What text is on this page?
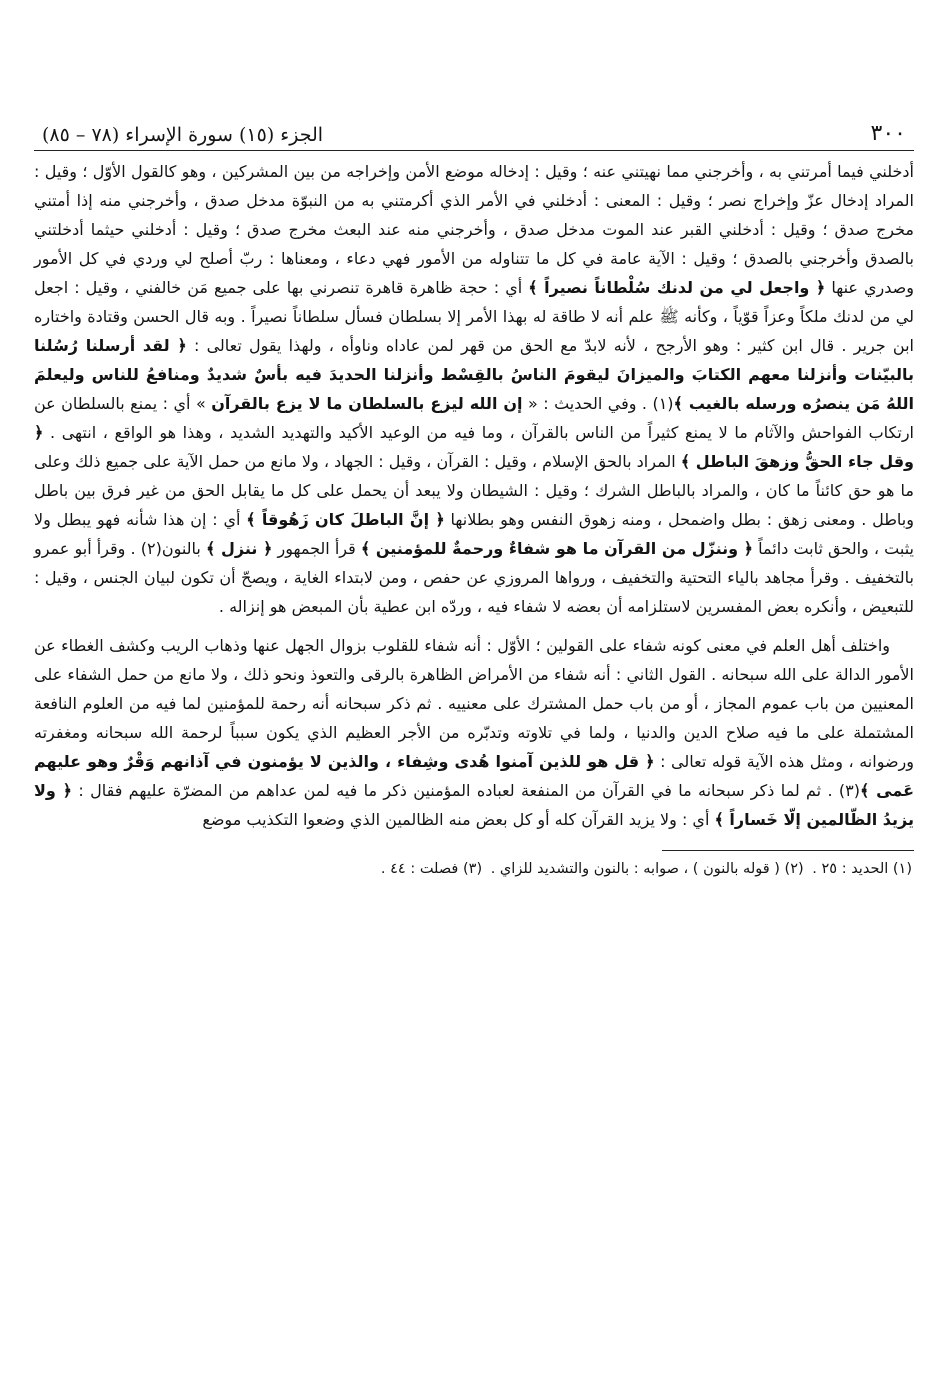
٣٠٠
الجزء (١٥) سورة الإسراء (٧٨ – ٨٥)

أدخلني فيما أمرتني به ، وأخرجني مما نهيتني عنه ؛ وقيل : إدخاله موضع الأمن وإخراجه من بين المشركين ، وهو كالقول الأوّل ؛ وقيل : المراد إدخال عزّ وإخراج نصر ؛ وقيل : المعنى : أدخلني في الأمر الذي أكرمتني به من النبوّة مدخل صدق ، وأخرجني منه إذا أمتني مخرج صدق ؛ وقيل : أدخلني القبر عند الموت مدخل صدق ، وأخرجني منه عند البعث مخرج صدق ؛ وقيل : أدخلني حيثما أدخلتني بالصدق وأخرجني بالصدق ؛ وقيل : الآية عامة في كل ما تتناوله من الأمور فهي دعاء ، ومعناها : ربّ أصلح لي وردي في كل الأمور وصدري عنها ﴿ واجعل لي من لدنك سُلْطاناً نصيراً ﴾ أي : حجة ظاهرة قاهرة تنصرني بها على جميع مَن خالفني ، وقيل : اجعل لي من لدنك ملكاً وعزاً قوّياً ، وكأنه ﷺ علم أنه لا طاقة له بهذا الأمر إلا بسلطان فسأل سلطاناً نصيراً . وبه قال الحسن وقتادة واختاره ابن جرير . قال ابن كثير : وهو الأرجح ، لأنه لابدّ مع الحق من قهر لمن عاداه وناوأه ، ولهذا يقول تعالى : ﴿ لقد أرسلنا رُسُلنا بالبيّنات وأنزلنا معهم الكتابَ والميزانَ ليقومَ الناسُ بالقِسْط وأنزلنا الحديدَ فيه بأسٌ شديدٌ ومنافعُ للناس وليعلمَ اللهُ مَن ينصرُه ورسله بالغيب ﴾(١) . وفي الحديث : « إن الله ليزع بالسلطان ما لا يزع بالقرآن » أي : يمنع بالسلطان عن ارتكاب الفواحش والآثام ما لا يمنع كثيراً من الناس بالقرآن ، وما فيه من الوعيد الأكيد والتهديد الشديد ، وهذا هو الواقع ، انتهى . ﴿ وقل جاء الحقُّ وزهقَ الباطل ﴾ المراد بالحق الإسلام ، وقيل : القرآن ، وقيل : الجهاد ، ولا مانع من حمل الآية على جميع ذلك وعلى ما هو حق كائناً ما كان ، والمراد بالباطل الشرك ؛ وقيل : الشيطان ولا يبعد أن يحمل على كل ما يقابل الحق من غير فرق بين باطل وباطل . ومعنى زهق : بطل واضمحل ، ومنه زهوق النفس وهو بطلانها ﴿ إنَّ الباطلَ كان زَهُوقاً ﴾ أي : إن هذا شأنه فهو يبطل ولا يثبت ، والحق ثابت دائماً ﴿ وننزّل من القرآن ما هو شفاءٌ ورحمةٌ للمؤمنين ﴾ قرأ الجمهور ﴿ ننزل ﴾ بالنون(٢) . وقرأ أبو عمرو بالتخفيف . وقرأ مجاهد بالياء التحتية والتخفيف ، ورواها المروزي عن حفص ، ومن لابتداء الغاية ، ويصحّ أن تكون لبيان الجنس ، وقيل : للتبعيض ، وأنكره بعض المفسرين لاستلزامه أن بعضه لا شفاء فيه ، وردّه ابن عطية بأن المبعض هو إنزاله .

واختلف أهل العلم في معنى كونه شفاء على القولين ؛ الأوّل : أنه شفاء للقلوب بزوال الجهل عنها وذهاب الريب وكشف الغطاء عن الأمور الدالة على الله سبحانه . القول الثاني : أنه شفاء من الأمراض الظاهرة بالرقى والتعوذ ونحو ذلك ، ولا مانع من حمل الشفاء على المعنيين من باب عموم المجاز ، أو من باب حمل المشترك على معنييه . ثم ذكر سبحانه أنه رحمة للمؤمنين لما فيه من العلوم النافعة المشتملة على ما فيه صلاح الدين والدنيا ، ولما في تلاوته وتدبّره من الأجر العظيم الذي يكون سبباً لرحمة الله سبحانه ومغفرته ورضوانه ، ومثل هذه الآية قوله تعالى : ﴿ قل هو للذين آمنوا هُدى وشِفاء ، والذين لا يؤمنون في آذانهم وَقْرٌ وهو عليهم عَمى ﴾(٣) . ثم لما ذكر سبحانه ما في القرآن من المنفعة لعباده المؤمنين ذكر ما فيه لمن عداهم من المضرّة عليهم فقال : ﴿ ولا يزيدُ الظّالمين إلّا خَساراً ﴾ أي : ولا يزيد القرآن كله أو كل بعض منه الظالمين الذي وضعوا التكذيب موضع

(١) الحديد : ٢٥ . (٢) ( قوله بالنون ) ، صوابه : بالنون والتشديد للزاي . (٣) فصلت : ٤٤ .
